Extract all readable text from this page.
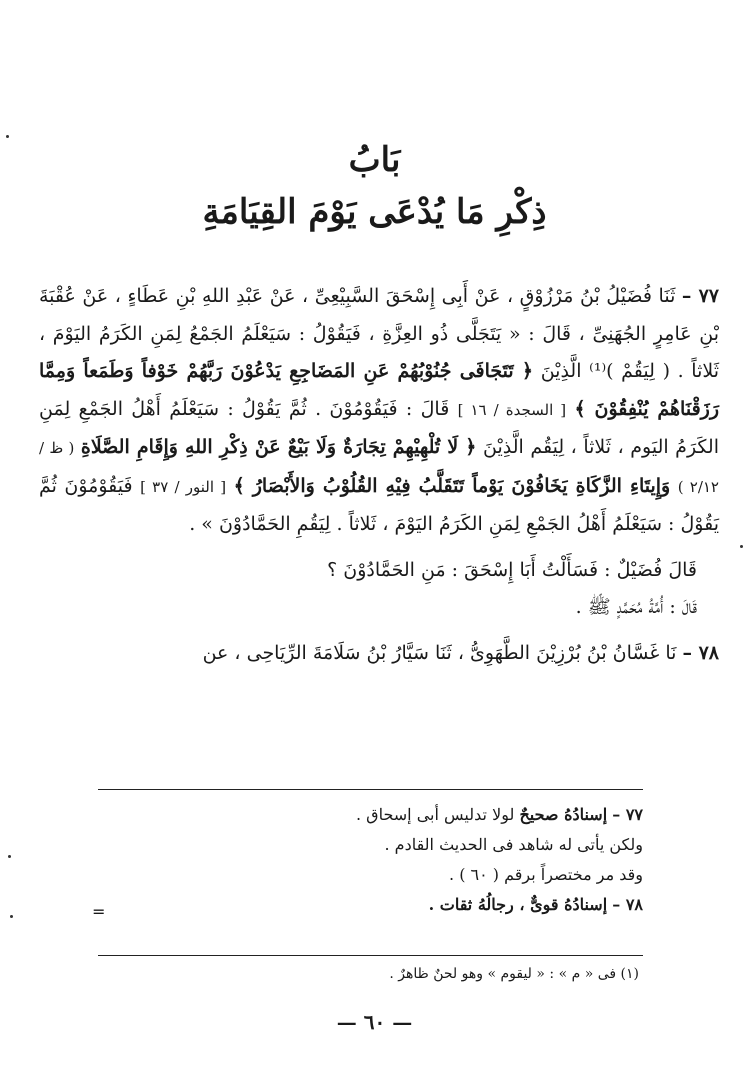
بَابُ
ذِكْرِ مَا يُدْعَى يَوْمَ القِيَامَةِ

٧٧ – ثَنَا فُضَيْلُ بْنُ مَرْزُوْقٍ ، عَنْ أَبِى إِسْحَقَ السَّبِيْعِىِّ ، عَنْ عَبْدِ اللهِ بْنِ عَطَاءٍ ، عَنْ عُقْبَةَ بْنِ عَامِرٍ الجُهَنِىِّ ، قَالَ : « يَتَجَلَّى ذُو العِزَّةِ ، فَيَقُوْلُ : سَيَعْلَمُ الجَمْعُ لِمَنِ الكَرَمُ اليَوْمَ ، ثَلاثاً . ( لِيَقُمْ )⁽¹⁾ الَّذِيْنَ ﴿ تَتَجَافَى جُنُوْبُهُمْ عَنِ المَضَاجِعِ يَدْعُوْنَ رَبَّهُمْ خَوْفاً وَطَمَعاً وَمِمَّا رَزَقْنَاهُمْ يُنْفِقُوْنَ ﴾ [ السجدة / ١٦ ] قَالَ : فَيَقُوْمُوْنَ . ثُمَّ يَقُوْلُ : سَيَعْلَمُ أَهْلُ الجَمْعِ لِمَنِ الكَرَمُ اليَوم ، ثَلاثاً ، لِيَقُم الَّذِيْنَ ﴿ لَا تُلْهِيْهِمْ تِجَارَةٌ وَلَا بَيْعٌ عَنْ ذِكْرِ اللهِ وَإِقَامِ الصَّلَاةِ ( ظ / ٢/١٢ ) وَإِيتَاءِ الزَّكَاةِ يَخَافُوْنَ يَوْماً تَتَقَلَّبُ فِيْهِ القُلُوْبُ وَالأَبْصَارُ ﴾ [ النور / ٣٧ ] فَيَقُوْمُوْنَ ثُمَّ يَقُوْلُ : سَيَعْلَمُ أَهْلُ الجَمْعِ لِمَنِ الكَرَمُ اليَوْمَ ، ثَلاثاً . لِيَقُمِ الحَمَّادُوْنَ » .

قَالَ فُضَيْلٌ : فَسَأَلْتُ أَبَا إِسْحَقَ : مَنِ الحَمَّادُوْنَ ؟

قَالَ : أُمَّةُ مُحَمَّدٍ ﷺ .

٧٨ – نَا غَسَّانُ بْنُ بُرْزِيْنَ الطَّهَوِىُّ ، ثَنَا سَيَّارُ بْنُ سَلَامَةَ الرِّيَاحِى ، عن

٧٧ – إسنادُهُ صحيحٌ لولا تدليس أبى إسحاق .

ولكن يأتى له شاهد فى الحديث القادم .

وقد مر مختصراً برقم ( ٦٠ ) .

٧٨ – إسنادُهُ قوىٌّ ، رجالُهُ ثقات .

(١) فى « م » : « ليقوم » وهو لحنٌ ظاهرٌ .
=
— ٦٠ —
